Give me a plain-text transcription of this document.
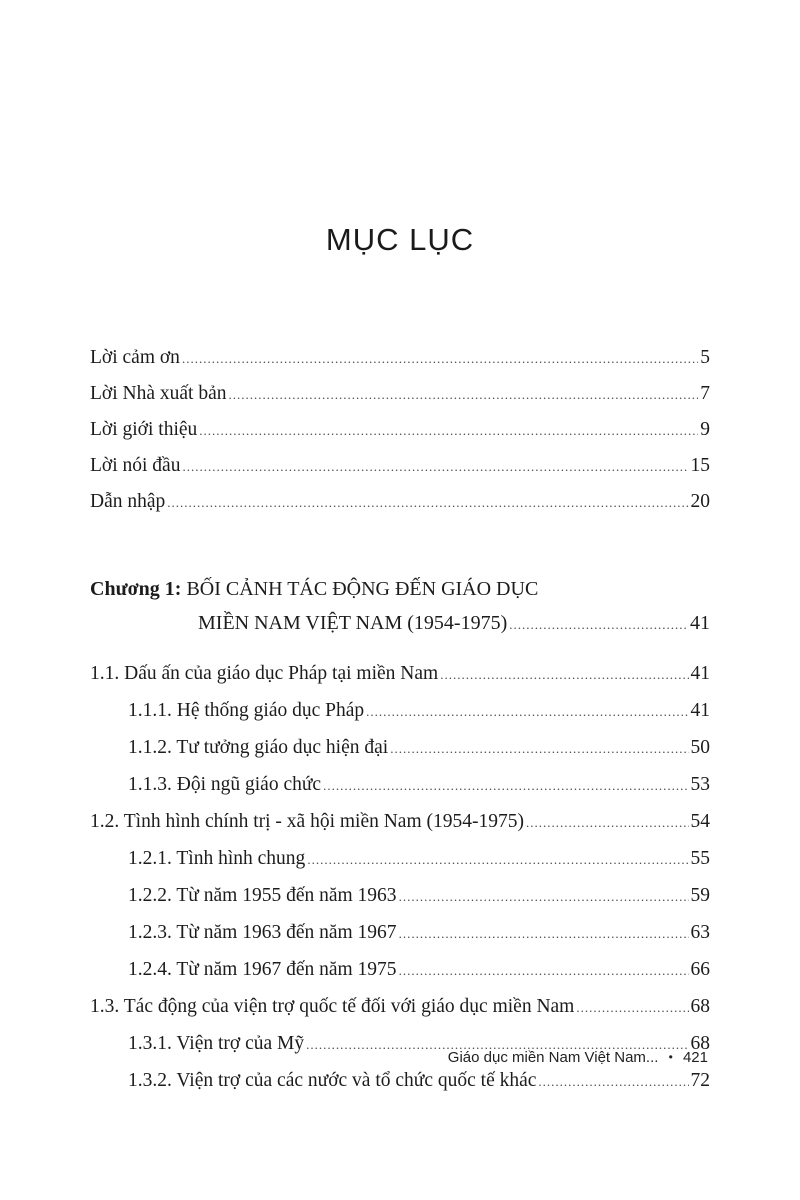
MỤC LỤC
Lời cảm ơn .....	5
Lời Nhà xuất bản .....	7
Lời giới thiệu .....	9
Lời nói đầu .....	15
Dẫn nhập .....	20
Chương 1: BỐI CẢNH TÁC ĐỘNG ĐẾN GIÁO DỤC
MIỀN NAM VIỆT NAM (1954-1975) .....	41
1.1. Dấu ấn của giáo dục Pháp tại miền Nam .....	41
1.1.1. Hệ thống giáo dục Pháp .....	41
1.1.2. Tư tưởng giáo dục hiện đại .....	50
1.1.3. Đội ngũ giáo chức .....	53
1.2. Tình hình chính trị - xã hội miền Nam (1954-1975) .....	54
1.2.1. Tình hình chung .....	55
1.2.2. Từ năm 1955 đến năm 1963 .....	59
1.2.3. Từ năm 1963 đến năm 1967 .....	63
1.2.4. Từ năm 1967 đến năm 1975 .....	66
1.3. Tác động của viện trợ quốc tế đối với giáo dục miền Nam .....	68
1.3.1. Viện trợ của Mỹ .....	68
1.3.2. Viện trợ của các nước và tổ chức quốc tế khác .....	72
Giáo dục miền Nam Việt Nam... • 421
